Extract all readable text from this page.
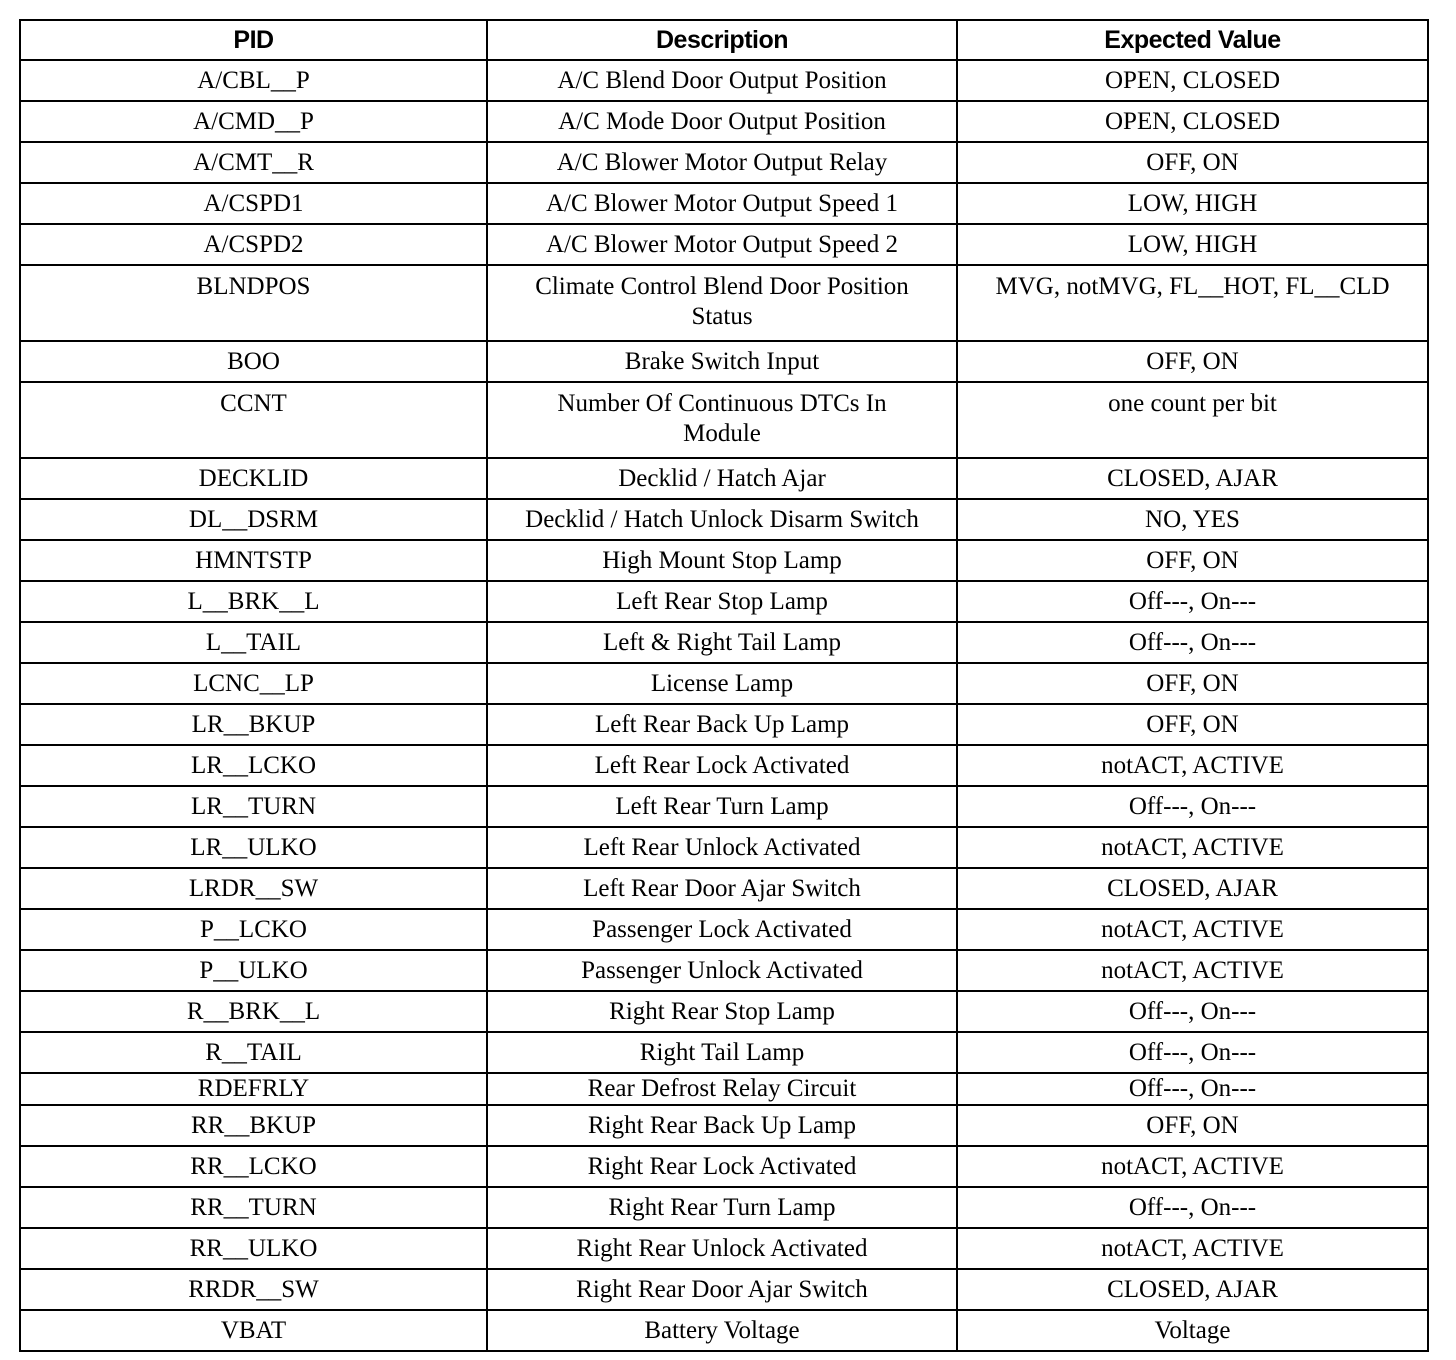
PID	Description	Expected Value
A/CBL__P	A/C Blend Door Output Position	OPEN, CLOSED
A/CMD__P	A/C Mode Door Output Position	OPEN, CLOSED
A/CMT__R	A/C Blower Motor Output Relay	OFF, ON
A/CSPD1	A/C Blower Motor Output Speed 1	LOW, HIGH
A/CSPD2	A/C Blower Motor Output Speed 2	LOW, HIGH
BLNDPOS	Climate Control Blend Door Position Status	MVG, notMVG, FL__HOT, FL__CLD
BOO	Brake Switch Input	OFF, ON
CCNT	Number Of Continuous DTCs In Module	one count per bit
DECKLID	Decklid / Hatch Ajar	CLOSED, AJAR
DL__DSRM	Decklid / Hatch Unlock Disarm Switch	NO, YES
HMNTSTP	High Mount Stop Lamp	OFF, ON
L__BRK__L	Left Rear Stop Lamp	Off---, On---
L__TAIL	Left & Right Tail Lamp	Off---, On---
LCNC__LP	License Lamp	OFF, ON
LR__BKUP	Left Rear Back Up Lamp	OFF, ON
LR__LCKO	Left Rear Lock Activated	notACT, ACTIVE
LR__TURN	Left Rear Turn Lamp	Off---, On---
LR__ULKO	Left Rear Unlock Activated	notACT, ACTIVE
LRDR__SW	Left Rear Door Ajar Switch	CLOSED, AJAR
P__LCKO	Passenger Lock Activated	notACT, ACTIVE
P__ULKO	Passenger Unlock Activated	notACT, ACTIVE
R__BRK__L	Right Rear Stop Lamp	Off---, On---
R__TAIL	Right Tail Lamp	Off---, On---
RDEFRLY	Rear Defrost Relay Circuit	Off---, On---
RR__BKUP	Right Rear Back Up Lamp	OFF, ON
RR__LCKO	Right Rear Lock Activated	notACT, ACTIVE
RR__TURN	Right Rear Turn Lamp	Off---, On---
RR__ULKO	Right Rear Unlock Activated	notACT, ACTIVE
RRDR__SW	Right Rear Door Ajar Switch	CLOSED, AJAR
VBAT	Battery Voltage	Voltage
